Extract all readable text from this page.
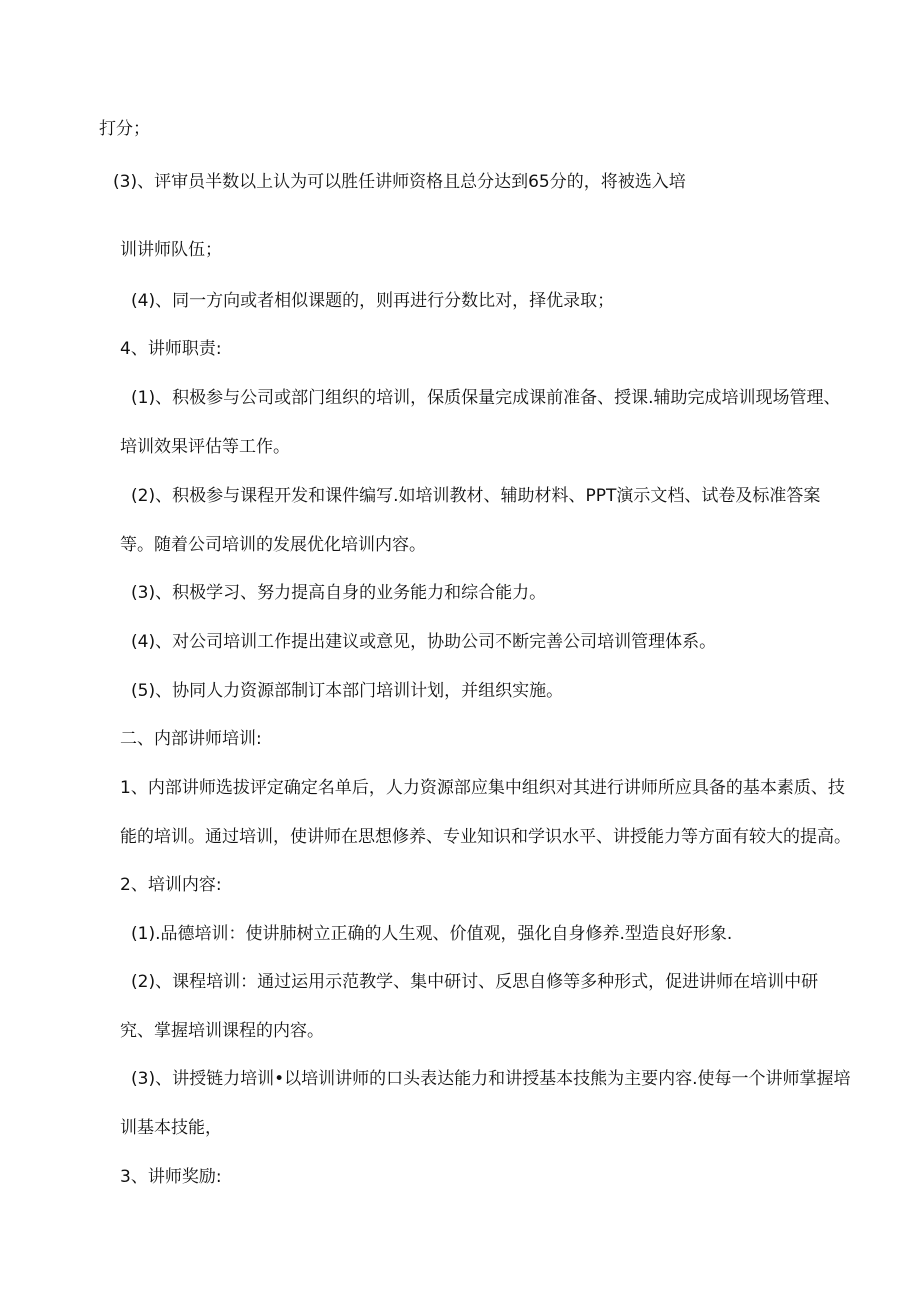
打分；
(3)、评审员半数以上认为可以胜任讲师资格且总分达到65分的，将被选入培
训讲师队伍；
(4)、同一方向或者相似课题的，则再进行分数比对，择优录取；
4、讲师职责:
(1)、积极参与公司或部门组织的培训，保质保量完成课前准备、授课.辅助完成培训现场管理、
培训效果评估等工作。
(2)、积极参与课程开发和课件编写.如培训教材、辅助材料、PPT演示文档、试卷及标准答案
等。随着公司培训的发展优化培训内容。
(3)、积极学习、努力提高自身的业务能力和综合能力。
(4)、对公司培训工作提出建议或意见，协助公司不断完善公司培训管理体系。
(5)、协同人力资源部制订本部门培训计划，并组织实施。
二、内部讲师培训:
1、内部讲师选拔评定确定名单后，人力资源部应集中组织对其进行讲师所应具备的基本素质、技
能的培训。通过培训，使讲师在思想修养、专业知识和学识水平、讲授能力等方面有较大的提高。
2、培训内容:
(1).品德培训：使讲肺树立正确的人生观、价值观，强化自身修养.型造良好形象.
(2)、课程培训：通过运用示范教学、集中研讨、反思自修等多种形式，促进讲师在培训中研
究、掌握培训课程的内容。
(3)、讲授链力培训•以培训讲师的口头表达能力和讲授基本技熊为主要内容.使每一个讲师掌握培
训基本技能，
3、讲师奖励:
